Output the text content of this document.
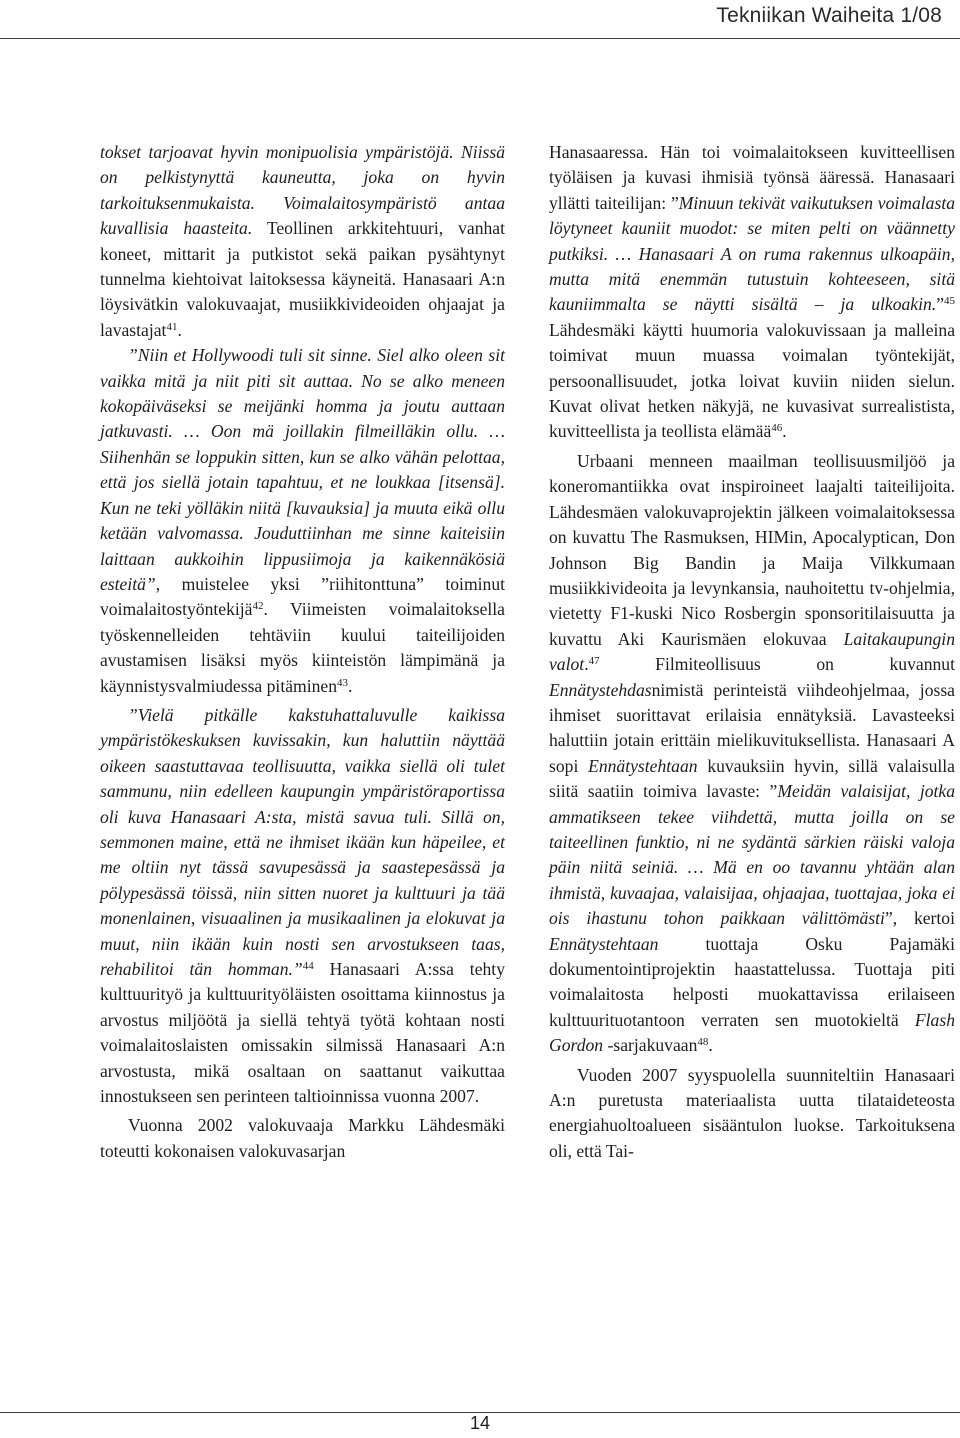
Tekniikan Waiheita 1/08

tokset tarjoavat hyvin monipuolisia ympäristöjä. Niissä on pelkistynyttä kauneutta, joka on hyvin tarkoituksenmukaista. Voimalaitosympäristö antaa kuvallisia haasteita. Teollinen arkkitehtuuri, vanhat koneet, mittarit ja putkistot sekä paikan pysähtynyt tunnelma kiehtoivat laitoksessa käyneitä. Hanasaari A:n löysivätkin valokuvaajat, musiikkivideoiden ohjaajat ja lavastajat$^{41}$.

”Niin et Hollywoodi tuli sit sinne. Siel alko oleen sit vaikka mitä ja niit piti sit auttaa. No se alko meneen kokopäiväseksi se meijänki homma ja joutu auttaan jatkuvasti. … Oon mä joillakin filmeilläkin ollu. … Siihenhän se loppukin sitten, kun se alko vähän pelottaa, että jos siellä jotain tapahtuu, et ne loukkaa [itsensä]. Kun ne teki yölläkin niitä [kuvauksia] ja muuta eikä ollu ketään valvomassa. Jouduttiinhan me sinne kaiteisiin laittaan aukkoihin lippusiimoja ja kaikennäkösiä esteitä”, muistelee yksi ”riihitonttuna” toiminut voimalaitostyöntekijä$^{42}$. Viimeisten voimalaitoksella työskennelleiden tehtäviin kuului taiteilijoiden avustamisen lisäksi myös kiinteistön lämpimänä ja käynnistysvalmiudessa pitäminen$^{43}$.

”Vielä pitkälle kakstuhattaluvulle kaikissa ympäristökeskuksen kuvissakin, kun haluttiin näyttää oikeen saastuttavaa teollisuutta, vaikka siellä oli tulet sammunu, niin edelleen kaupungin ympäristöraportissa oli kuva Hanasaari A:sta, mistä savua tuli. Sillä on, semmonen maine, että ne ihmiset ikään kun häpeilee, et me oltiin nyt tässä savupesässä ja saastepesässä ja pölypesässä töissä, niin sitten nuoret ja kulttuuri ja tää monenlainen, visuaalinen ja musikaalinen ja elokuvat ja muut, niin ikään kuin nosti sen arvostukseen taas, rehabilitoi tän homman.”$^{44}$ Hanasaari A:ssa tehty kulttuurityö ja kulttuurityöläisten osoittama kiinnostus ja arvostus miljöötä ja siellä tehtyä työtä kohtaan nosti voimalaitoslaisten omissakin silmissä Hanasaari A:n arvostusta, mikä osaltaan on saattanut vaikuttaa innostukseen sen perinteen taltioinnissa vuonna 2007.

Vuonna 2002 valokuvaaja Markku Lähdesmäki toteutti kokonaisen valokuvasarjan

Hanasaaressa. Hän toi voimalaitokseen kuvitteellisen työläisen ja kuvasi ihmisiä työnsä ääressä. Hanasaari yllätti taiteilijan: ”Minuun tekivät vaikutuksen voimalasta löytyneet kauniit muodot: se miten pelti on väännetty putkiksi. … Hanasaari A on ruma rakennus ulkoapäin, mutta mitä enemmän tutustuin kohteeseen, sitä kauniimmalta se näytti sisältä – ja ulkoakin.”$^{45}$ Lähdesmäki käytti huumoria valokuvissaan ja malleina toimivat muun muassa voimalan työntekijät, persoonallisuudet, jotka loivat kuviin niiden sielun. Kuvat olivat hetken näkyjä, ne kuvasivat surrealistista, kuvitteellista ja teollista elämää$^{46}$.

Urbaani menneen maailman teollisuusmiljöö ja koneromantiikka ovat inspiroineet laajalti taiteilijoita. Lähdesmäen valokuvaprojektin jälkeen voimalaitoksessa on kuvattu The Rasmuksen, HIMin, Apocalyptican, Don Johnson Big Bandin ja Maija Vilkkumaan musiikkivideoita ja levynkansia, nauhoitettu tv-ohjelmia, vietetty F1-kuski Nico Rosbergin sponsoritilaisuutta ja kuvattu Aki Kaurismäen elokuvaa Laitakaupungin valot.$^{47}$ Filmiteollisuus on kuvannut Ennätystehdasnimistä perinteistä viihdeohjelmaa, jossa ihmiset suorittavat erilaisia ennätyksiä. Lavasteeksi haluttiin jotain erittäin mielikuvituksellista. Hanasaari A sopi Ennätystehtaan kuvauksiin hyvin, sillä valaisulla siitä saatiin toimiva lavaste: ”Meidän valaisijat, jotka ammatikseen tekee viihdettä, mutta joilla on se taiteellinen funktio, ni ne sydäntä särkien räiski valoja päin niitä seiniä. … Mä en oo tavannu yhtään alan ihmistä, kuvaajaa, valaisijaa, ohjaajaa, tuottajaa, joka ei ois ihastunu tohon paikkaan välittömästi”, kertoi Ennätystehtaan tuottaja Osku Pajamäki dokumentointiprojektin haastattelussa. Tuottaja piti voimalaitosta helposti muokattavissa erilaiseen kulttuurituotantoon verraten sen muotokieltä Flash Gordon -sarjakuvaan$^{48}$.

Vuoden 2007 syyspuolella suunniteltiin Hanasaari A:n puretusta materiaalista uutta tilataideteosta energiahuoltoalueen sisääntulon luokse. Tarkoituksena oli, että Tai-

14
